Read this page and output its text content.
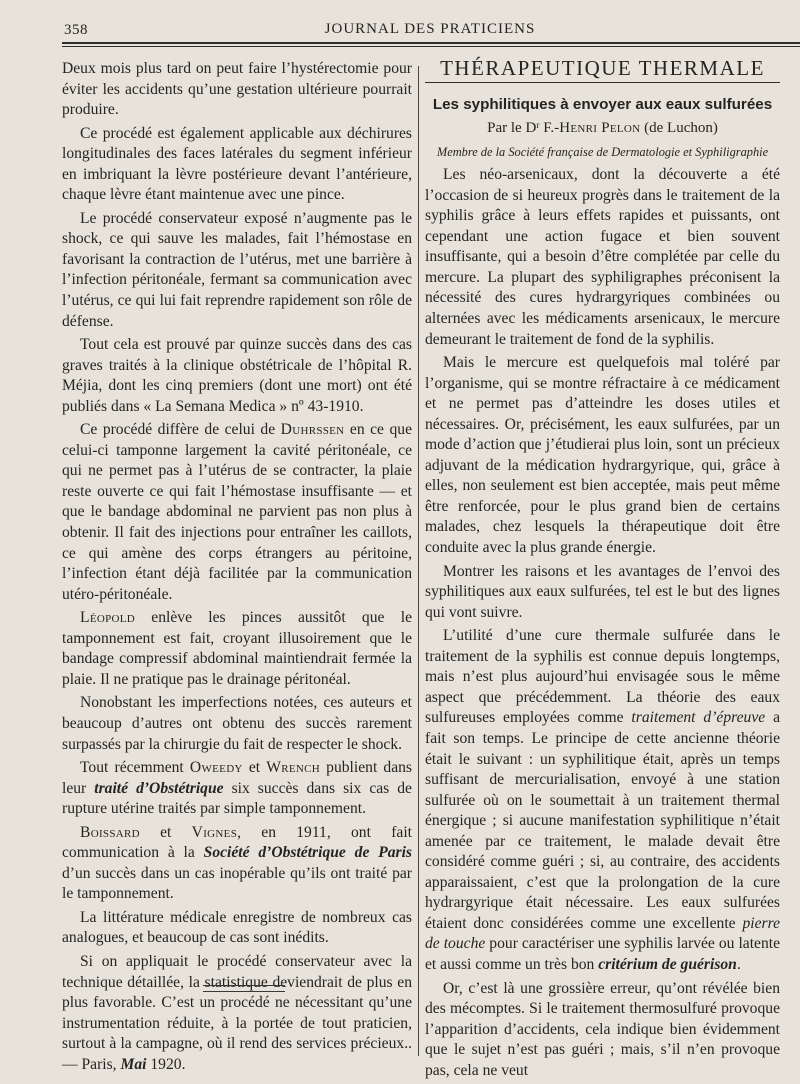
358	JOURNAL DES PRATICIENS

Deux mois plus tard on peut faire l’hystérectomie pour éviter les accidents qu’une gestation ultérieure pourrait produire.

Ce procédé est également applicable aux déchirures longitudinales des faces latérales du segment inférieur en imbriquant la lèvre postérieure devant l’antérieure, chaque lèvre étant maintenue avec une pince.

Le procédé conservateur exposé n’augmente pas le shock, ce qui sauve les malades, fait l’hémostase en favorisant la contraction de l’utérus, met une barrière à l’infection péritonéale, fermant sa communication avec l’utérus, ce qui lui fait reprendre rapidement son rôle de défense.

Tout cela est prouvé par quinze succès dans des cas graves traités à la clinique obstétricale de l’hôpital R. Méjia, dont les cinq premiers (dont une mort) ont été publiés dans « La Semana Medica » nº 43-1910.

Ce procédé diffère de celui de Duhrssen en ce que celui-ci tamponne largement la cavité péritonéale, ce qui ne permet pas à l’utérus de se contracter, la plaie reste ouverte ce qui fait l’hémostase insuffisante — et que le bandage abdominal ne parvient pas non plus à obtenir. Il fait des injections pour entraîner les caillots, ce qui amène des corps étrangers au péritoine, l’infection étant déjà facilitée par la communication utéro-péritonéale.

Léopold enlève les pinces aussitôt que le tamponnement est fait, croyant illusoirement que le bandage compressif abdominal maintiendrait fermée la plaie. Il ne pratique pas le drainage péritonéal.

Nonobstant les imperfections notées, ces auteurs et beaucoup d’autres ont obtenu des succès rarement surpassés par la chirurgie du fait de respecter le shock.

Tout récemment Oweedy et Wrench publient dans leur traité d’Obstétrique six succès dans six cas de rupture utérine traités par simple tamponnement.

Boissard et Vignes, en 1911, ont fait communication à la Société d’Obstétrique de Paris d’un succès dans un cas inopérable qu’ils ont traité par le tamponnement.

La littérature médicale enregistre de nombreux cas analogues, et beaucoup de cas sont inédits.

Si on appliquait le procédé conservateur avec la technique détaillée, la statistique deviendrait de plus en plus favorable. C’est un procédé ne nécessitant qu’une instrumentation réduite, à la portée de tout praticien, surtout à la campagne, où il rend des services précieux.. — Paris, Mai 1920.

THÉRAPEUTIQUE THERMALE

Les syphilitiques à envoyer aux eaux sulfurées

Par le Dʳ F.-Henri Pelon (de Luchon)

Membre de la Société française de Dermatologie et Syphiligraphie

Les néo-arsenicaux, dont la découverte a été l’occasion de si heureux progrès dans le traitement de la syphilis grâce à leurs effets rapides et puissants, ont cependant une action fugace et bien souvent insuffisante, qui a besoin d’être complétée par celle du mercure. La plupart des syphiligraphes préconisent la nécessité des cures hydrargyriques combinées ou alternées avec les médicaments arsenicaux, le mercure demeurant le traitement de fond de la syphilis.

Mais le mercure est quelquefois mal toléré par l’organisme, qui se montre réfractaire à ce médicament et ne permet pas d’atteindre les doses utiles et nécessaires. Or, précisément, les eaux sulfurées, par un mode d’action que j’étudierai plus loin, sont un précieux adjuvant de la médication hydrargyrique, qui, grâce à elles, non seulement est bien acceptée, mais peut même être renforcée, pour le plus grand bien de certains malades, chez lesquels la thérapeutique doit être conduite avec la plus grande énergie.

Montrer les raisons et les avantages de l’envoi des syphilitiques aux eaux sulfurées, tel est le but des lignes qui vont suivre.

L’utilité d’une cure thermale sulfurée dans le traitement de la syphilis est connue depuis longtemps, mais n’est plus aujourd’hui envisagée sous le même aspect que précédemment. La théorie des eaux sulfureuses employées comme traitement d’épreuve a fait son temps. Le principe de cette ancienne théorie était le suivant : un syphilitique était, après un temps suffisant de mercurialisation, envoyé à une station sulfurée où on le soumettait à un traitement thermal énergique ; si aucune manifestation syphilitique n’était amenée par ce traitement, le malade devait être considéré comme guéri ; si, au contraire, des accidents apparaissaient, c’est que la prolongation de la cure hydrargyrique était nécessaire. Les eaux sulfurées étaient donc considérées comme une excellente pierre de touche pour caractériser une syphilis larvée ou latente et aussi comme un très bon critérium de guérison.

Or, c’est là une grossière erreur, qu’ont révélée bien des mécomptes. Si le traitement thermosulfuré provoque l’apparition d’accidents, cela indique bien évidemment que le sujet n’est pas guéri ; mais, s’il n’en provoque pas, cela ne veut
